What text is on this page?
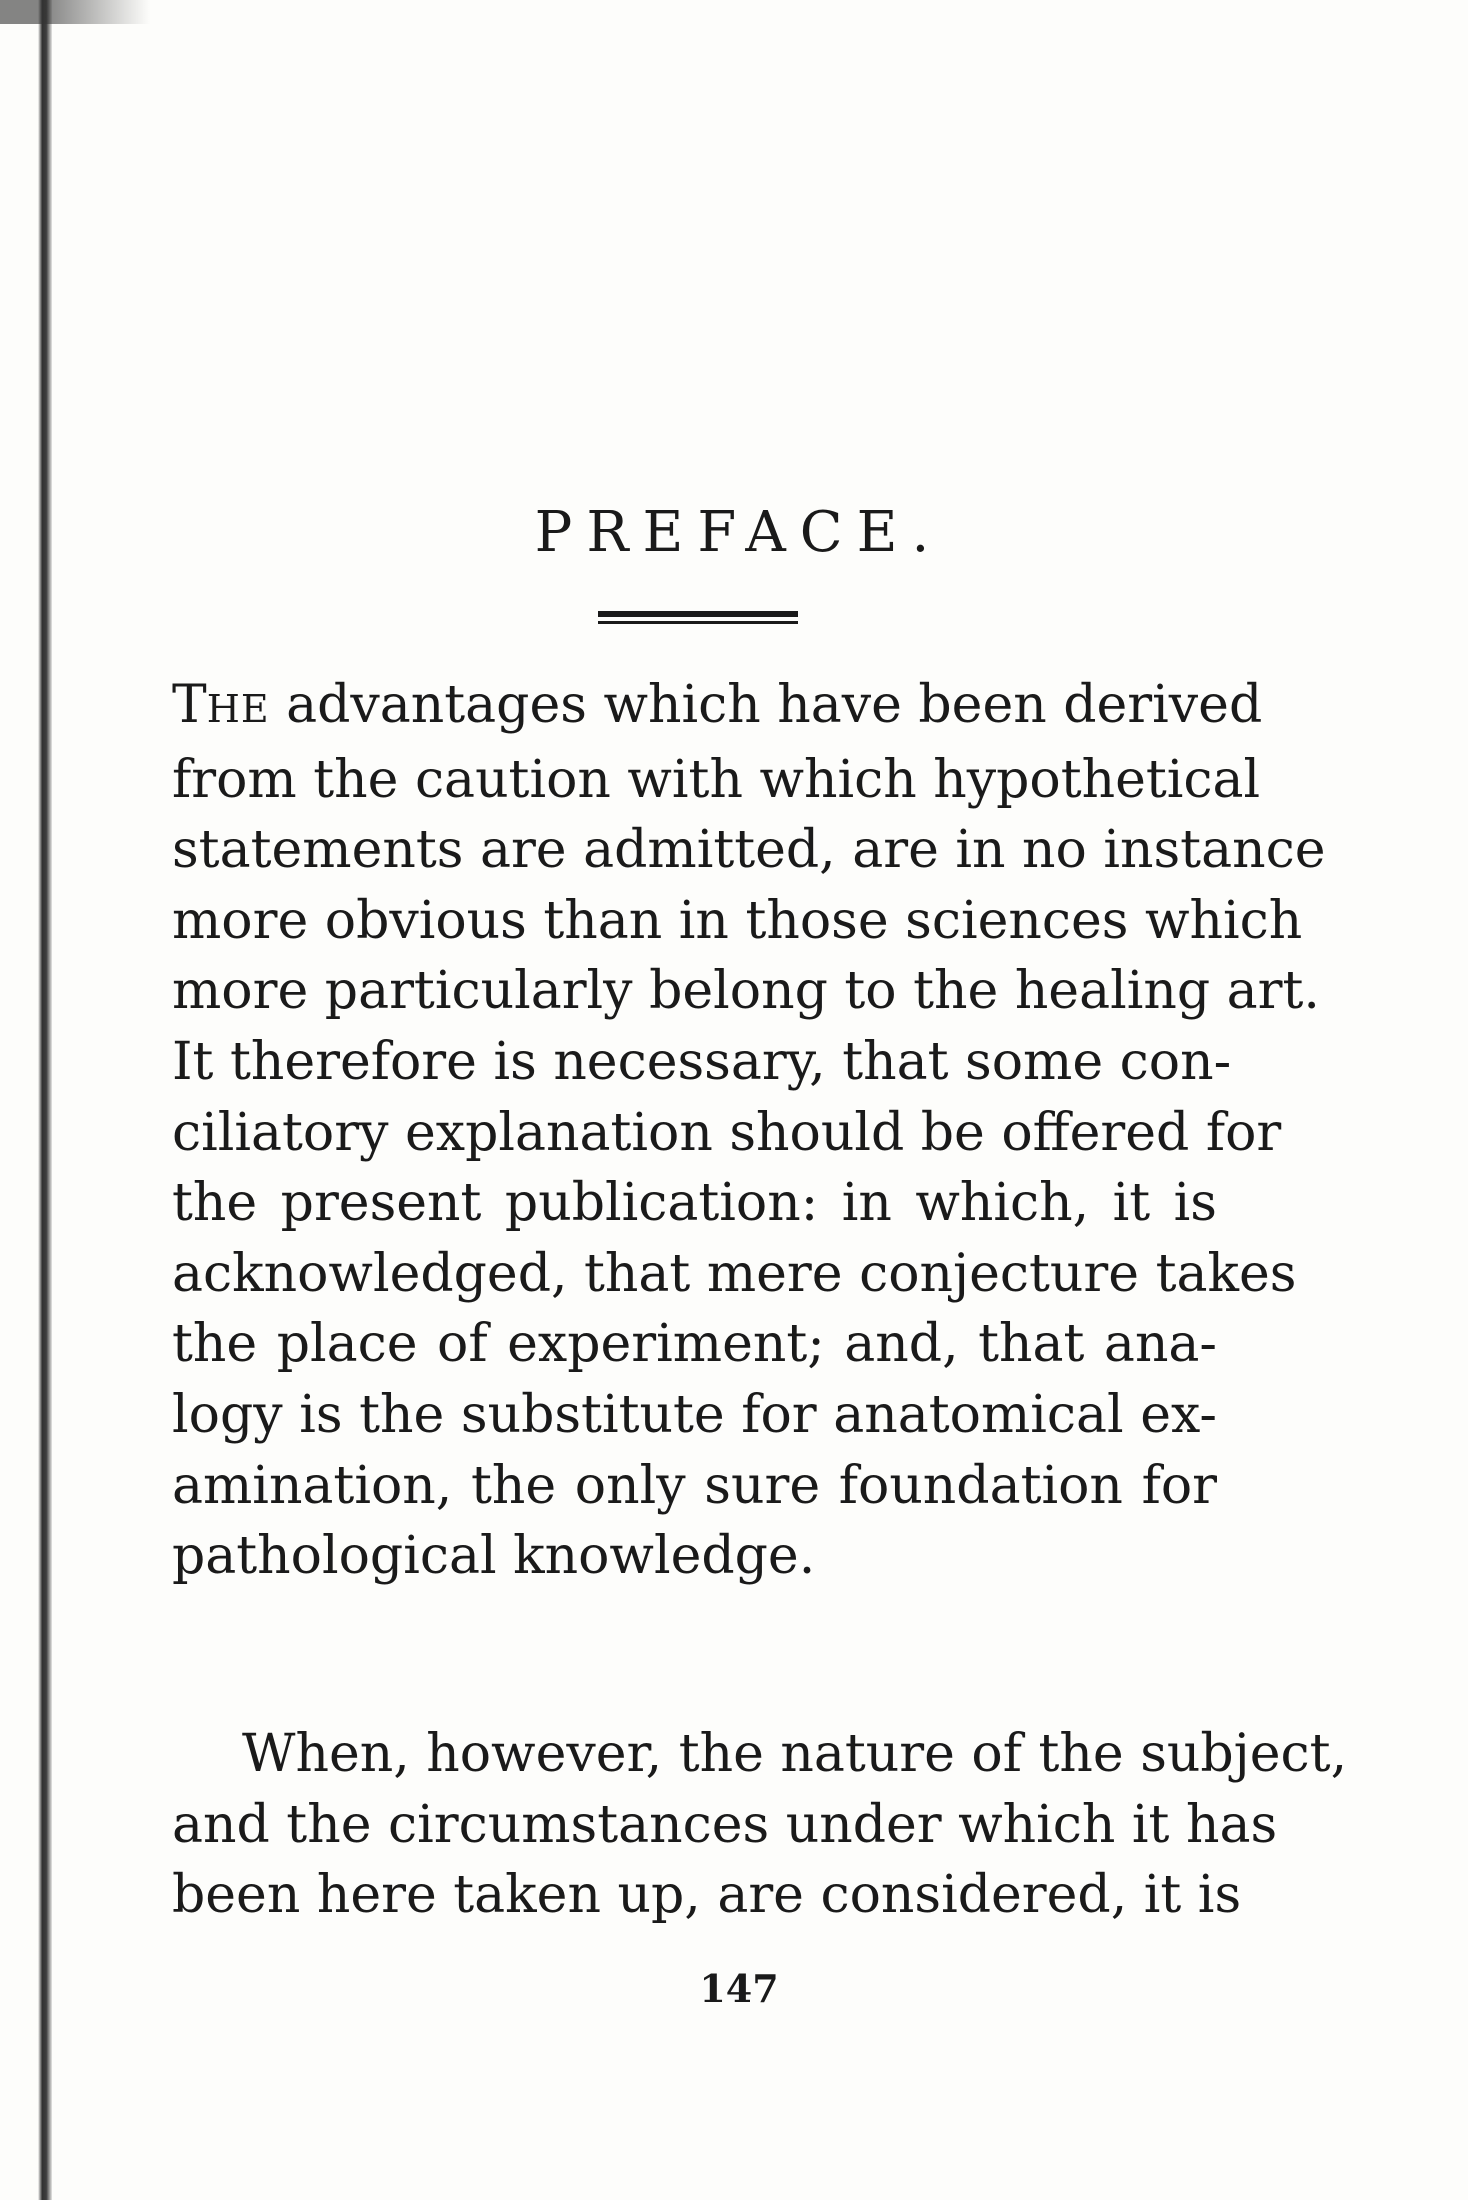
PREFACE.
THE advantages which have been derived
from the caution with which hypothetical
statements are admitted, are in no instance
more obvious than in those sciences which
more particularly belong to the healing art.
It therefore is necessary, that some con-
ciliatory explanation should be offered for
the present publication: in which, it is
acknowledged, that mere conjecture takes
the place of experiment; and, that ana-
logy is the substitute for anatomical ex-
amination, the only sure foundation for
pathological knowledge.
When, however, the nature of the subject,
and the circumstances under which it has
been here taken up, are considered, it is
147
